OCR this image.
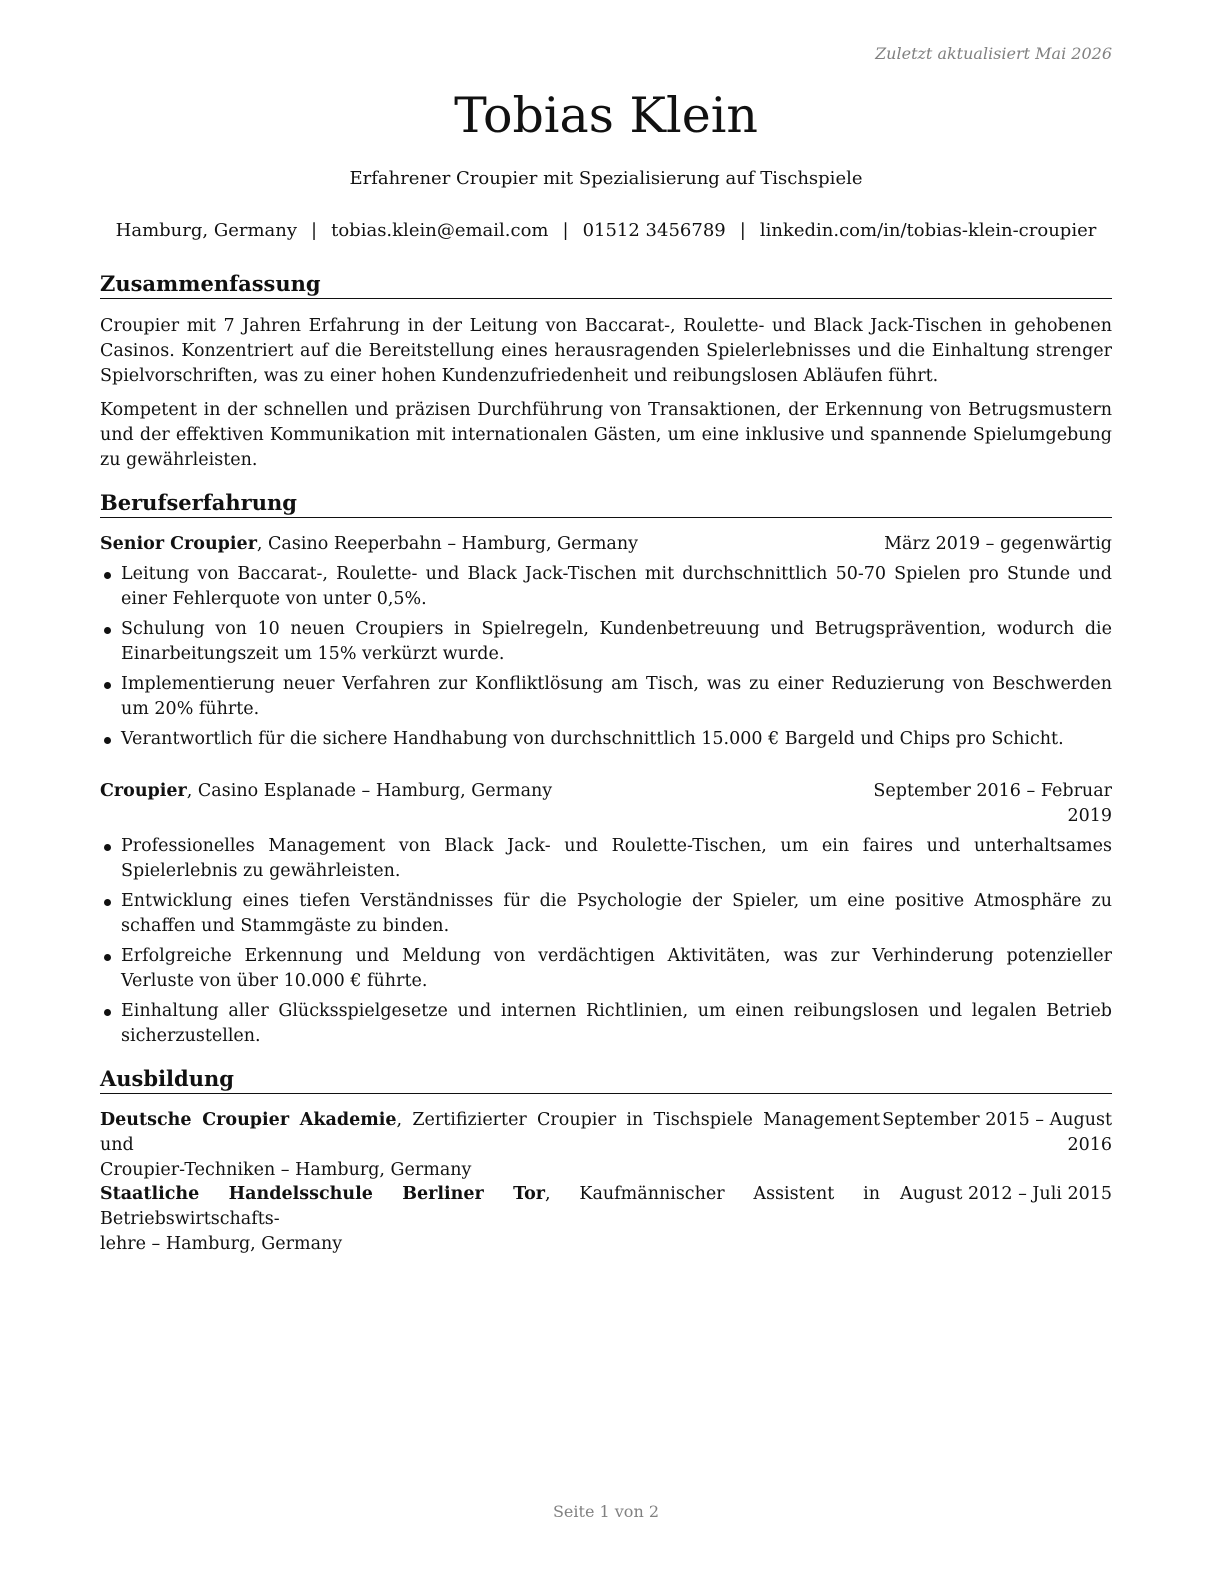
Zuletzt aktualisiert Mai 2026
Tobias Klein
Erfahrener Croupier mit Spezialisierung auf Tischspiele
Hamburg, Germany | tobias.klein@email.com | 01512 3456789 | linkedin.com/in/tobias-klein-croupier
Zusammenfassung
Croupier mit 7 Jahren Erfahrung in der Leitung von Baccarat-, Roulette- und Black Jack-Tischen in gehobenen Casinos. Konzentriert auf die Bereitstellung eines herausragenden Spielerlebnisses und die Einhaltung strenger Spielvorschriften, was zu einer hohen Kundenzufriedenheit und reibungslosen Abläufen führt.
Kompetent in der schnellen und präzisen Durchführung von Transaktionen, der Erkennung von Betrugsmustern und der effektiven Kommunikation mit internationalen Gästen, um eine inklusive und spannende Spielumgebung zu gewährleisten.
Berufserfahrung
Senior Croupier, Casino Reeperbahn – Hamburg, Germany	März 2019 – gegenwärtig
Leitung von Baccarat-, Roulette- und Black Jack-Tischen mit durchschnittlich 50-70 Spielen pro Stunde und einer Fehlerquote von unter 0,5%.
Schulung von 10 neuen Croupiers in Spielregeln, Kundenbetreuung und Betrugsprävention, wodurch die Einarbeitungszeit um 15% verkürzt wurde.
Implementierung neuer Verfahren zur Konfliktlösung am Tisch, was zu einer Reduzierung von Beschwerden um 20% führte.
Verantwortlich für die sichere Handhabung von durchschnittlich 15.000 € Bargeld und Chips pro Schicht.
Croupier, Casino Esplanade – Hamburg, Germany	September 2016 – Februar
2019
Professionelles Management von Black Jack- und Roulette-Tischen, um ein faires und unterhaltsames Spielerlebnis zu gewährleisten.
Entwicklung eines tiefen Verständnisses für die Psychologie der Spieler, um eine positive Atmosphäre zu schaffen und Stammgäste zu binden.
Erfolgreiche Erkennung und Meldung von verdächtigen Aktivitäten, was zur Verhinderung potenzieller Verluste von über 10.000 € führte.
Einhaltung aller Glücksspielgesetze und internen Richtlinien, um einen reibungslosen und legalen Betrieb sicherzustellen.
Ausbildung
Deutsche Croupier Akademie, Zertifizierter Croupier in Tischspiele Management und
Croupier-Techniken – Hamburg, Germany
September 2015 – August
2016
Staatliche Handelsschule Berliner Tor, Kaufmännischer Assistent in Betriebswirtschafts-
lehre – Hamburg, Germany
August 2012 – Juli 2015
Seite 1 von 2
